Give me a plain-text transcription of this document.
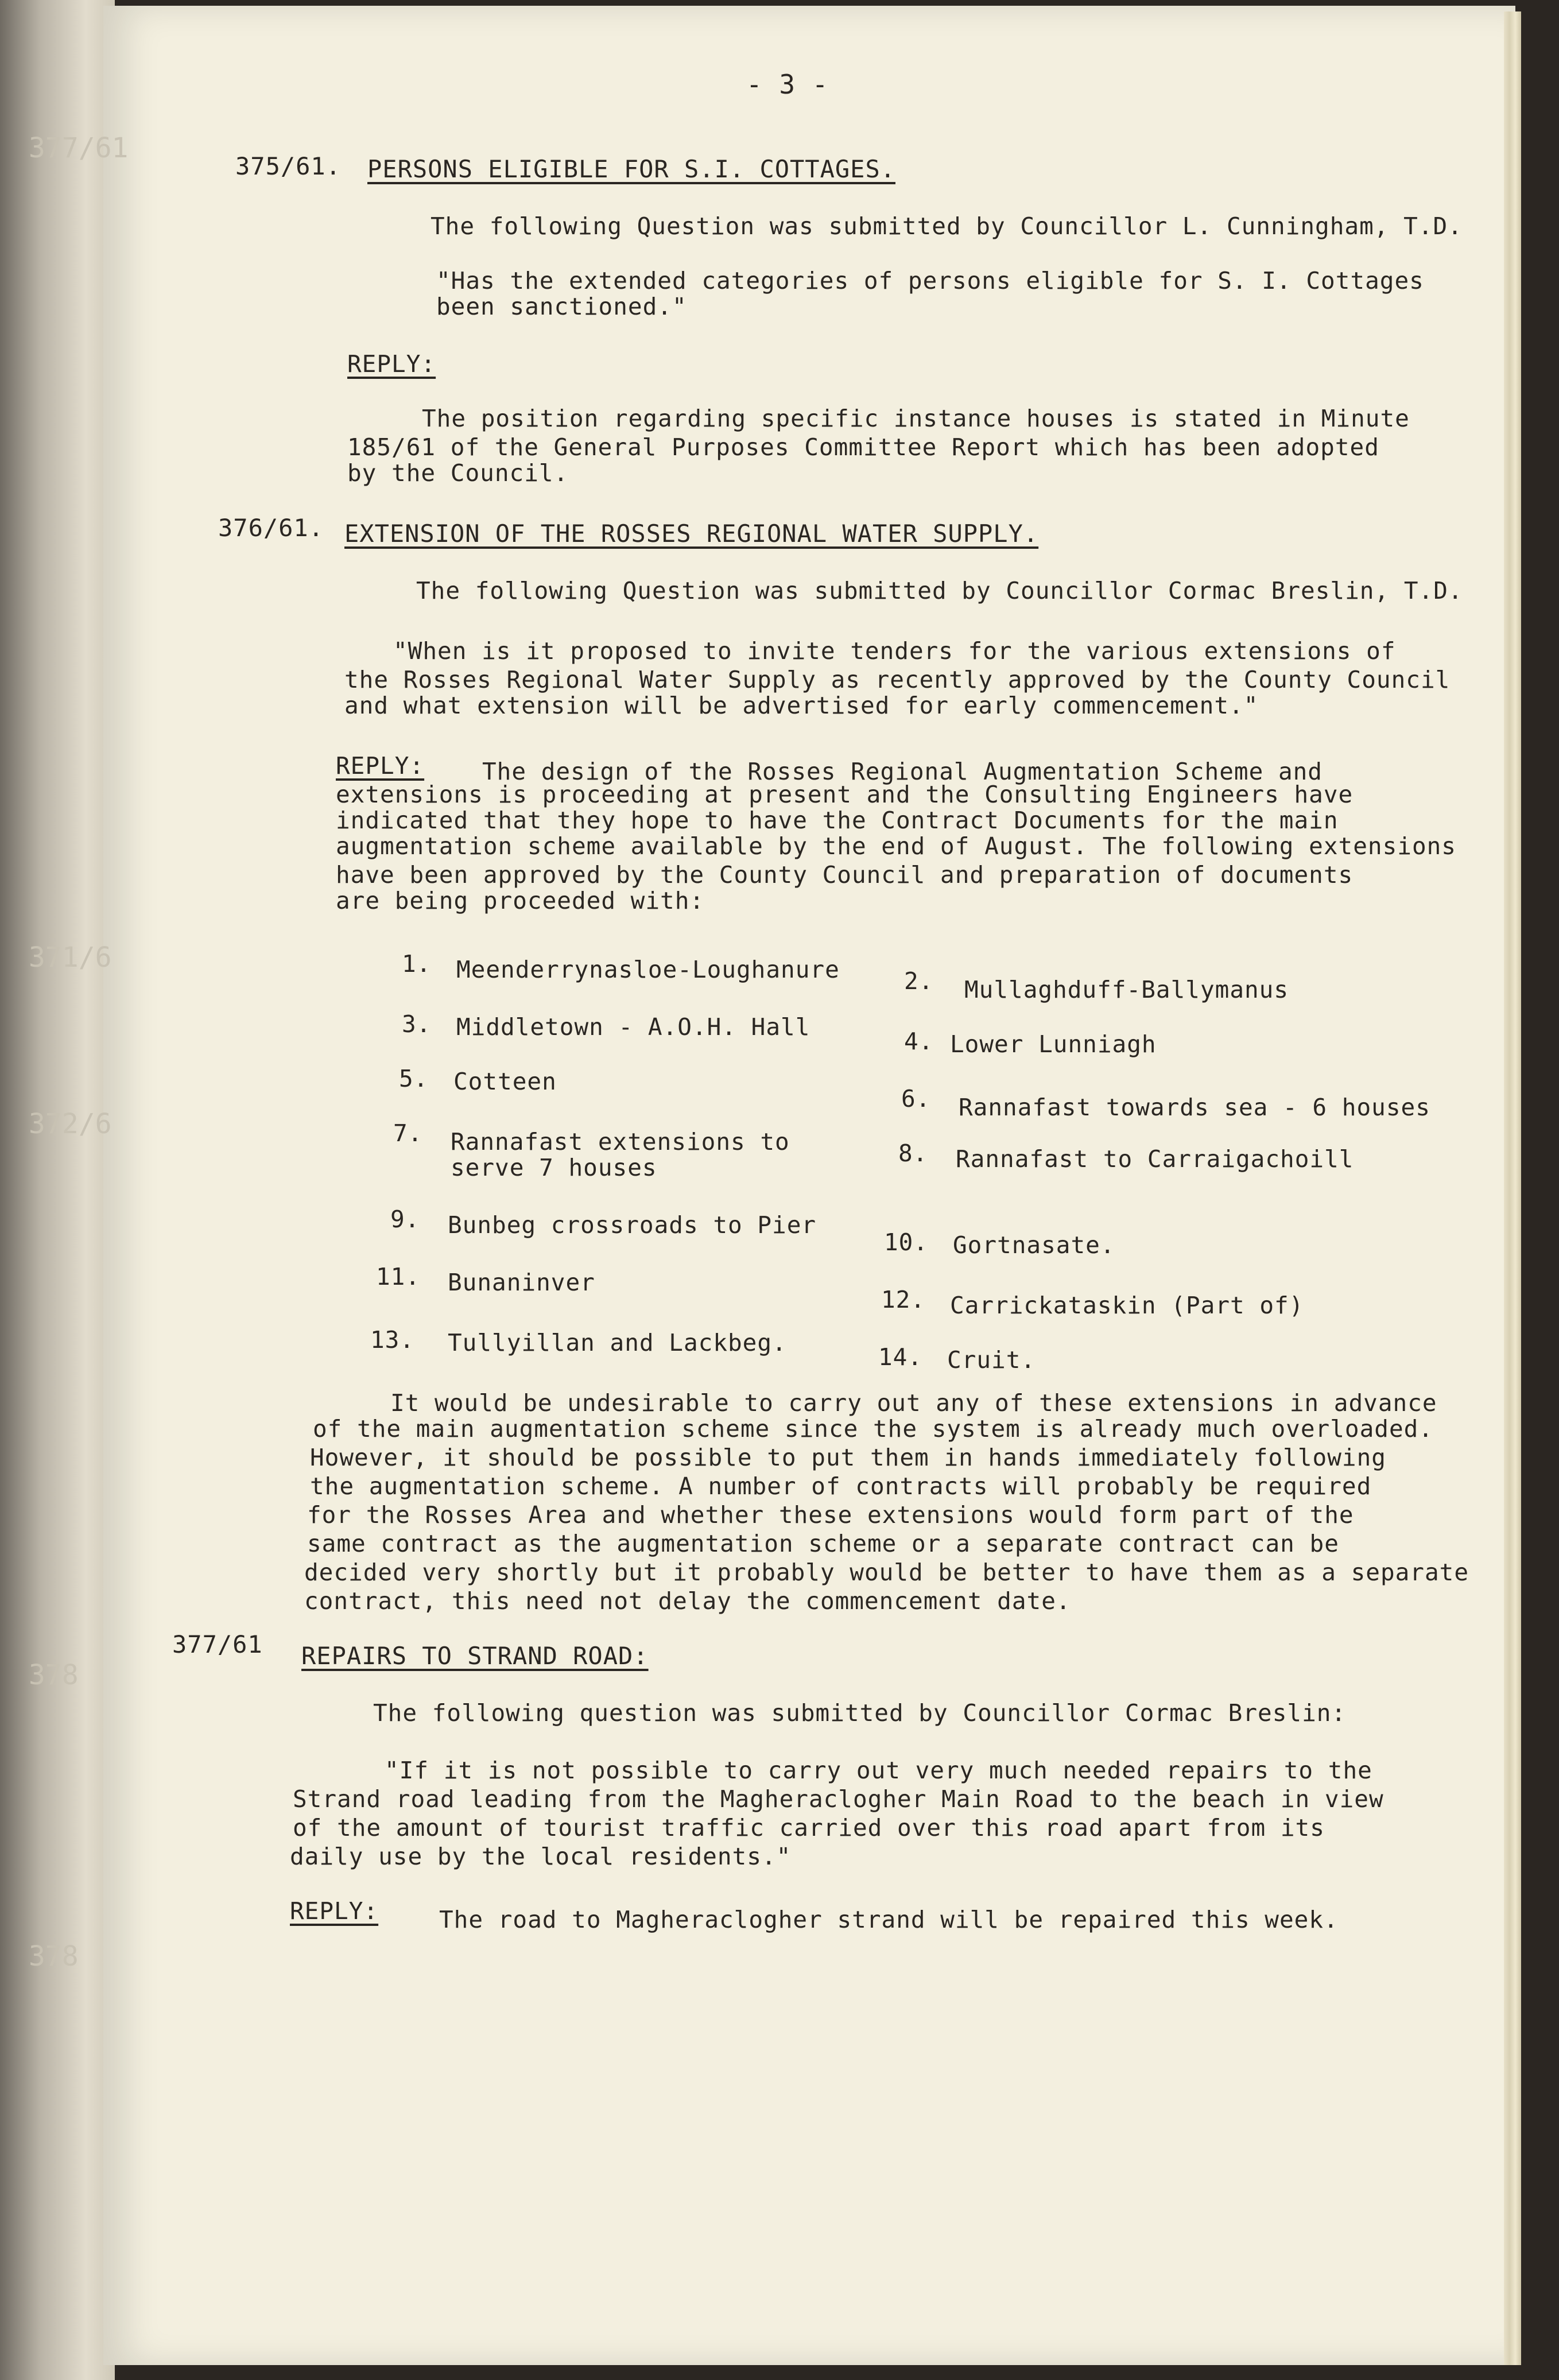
377/61
371/6
372/6
378
378
- 3 -
375/61. PERSONS ELIGIBLE FOR S.I. COTTAGES.
The following Question was submitted by Councillor L. Cunningham, T.D.
"Has the extended categories of persons eligible for S. I. Cottages
been sanctioned."
REPLY:
The position regarding specific instance houses is stated in Minute
185/61 of the General Purposes Committee Report which has been adopted
by the Council.
376/61. EXTENSION OF THE ROSSES REGIONAL WATER SUPPLY.
The following Question was submitted by Councillor Cormac Breslin, T.D.
"When is it proposed to invite tenders for the various extensions of
the Rosses Regional Water Supply as recently approved by the County Council
and what extension will be advertised for early commencement."
REPLY: The design of the Rosses Regional Augmentation Scheme and
extensions is proceeding at present and the Consulting Engineers have
indicated that they hope to have the Contract Documents for the main
augmentation scheme available by the end of August. The following extensions
have been approved by the County Council and preparation of documents
are being proceeded with:
1. Meenderrynasloe-Loughanure
3. Middletown - A.O.H. Hall
5. Cotteen
7. Rannafast extensions to
serve 7 houses
9. Bunbeg crossroads to Pier
11. Bunaninver
13. Tullyillan and Lackbeg.
2. Mullaghduff-Ballymanus
4. Lower Lunniagh
6. Rannafast towards sea - 6 houses
8. Rannafast to Carraigachoill
10. Gortnasate.
12. Carrickataskin (Part of)
14. Cruit.
It would be undesirable to carry out any of these extensions in advance
of the main augmentation scheme since the system is already much overloaded.
However, it should be possible to put them in hands immediately following
the augmentation scheme. A number of contracts will probably be required
for the Rosses Area and whether these extensions would form part of the
same contract as the augmentation scheme or a separate contract can be
decided very shortly but it probably would be better to have them as a separate
contract, this need not delay the commencement date.
377/61 REPAIRS TO STRAND ROAD:
The following question was submitted by Councillor Cormac Breslin:
"If it is not possible to carry out very much needed repairs to the
Strand road leading from the Magheraclogher Main Road to the beach in view
of the amount of tourist traffic carried over this road apart from its
daily use by the local residents."
REPLY:	The road to Magheraclogher strand will be repaired this week.
